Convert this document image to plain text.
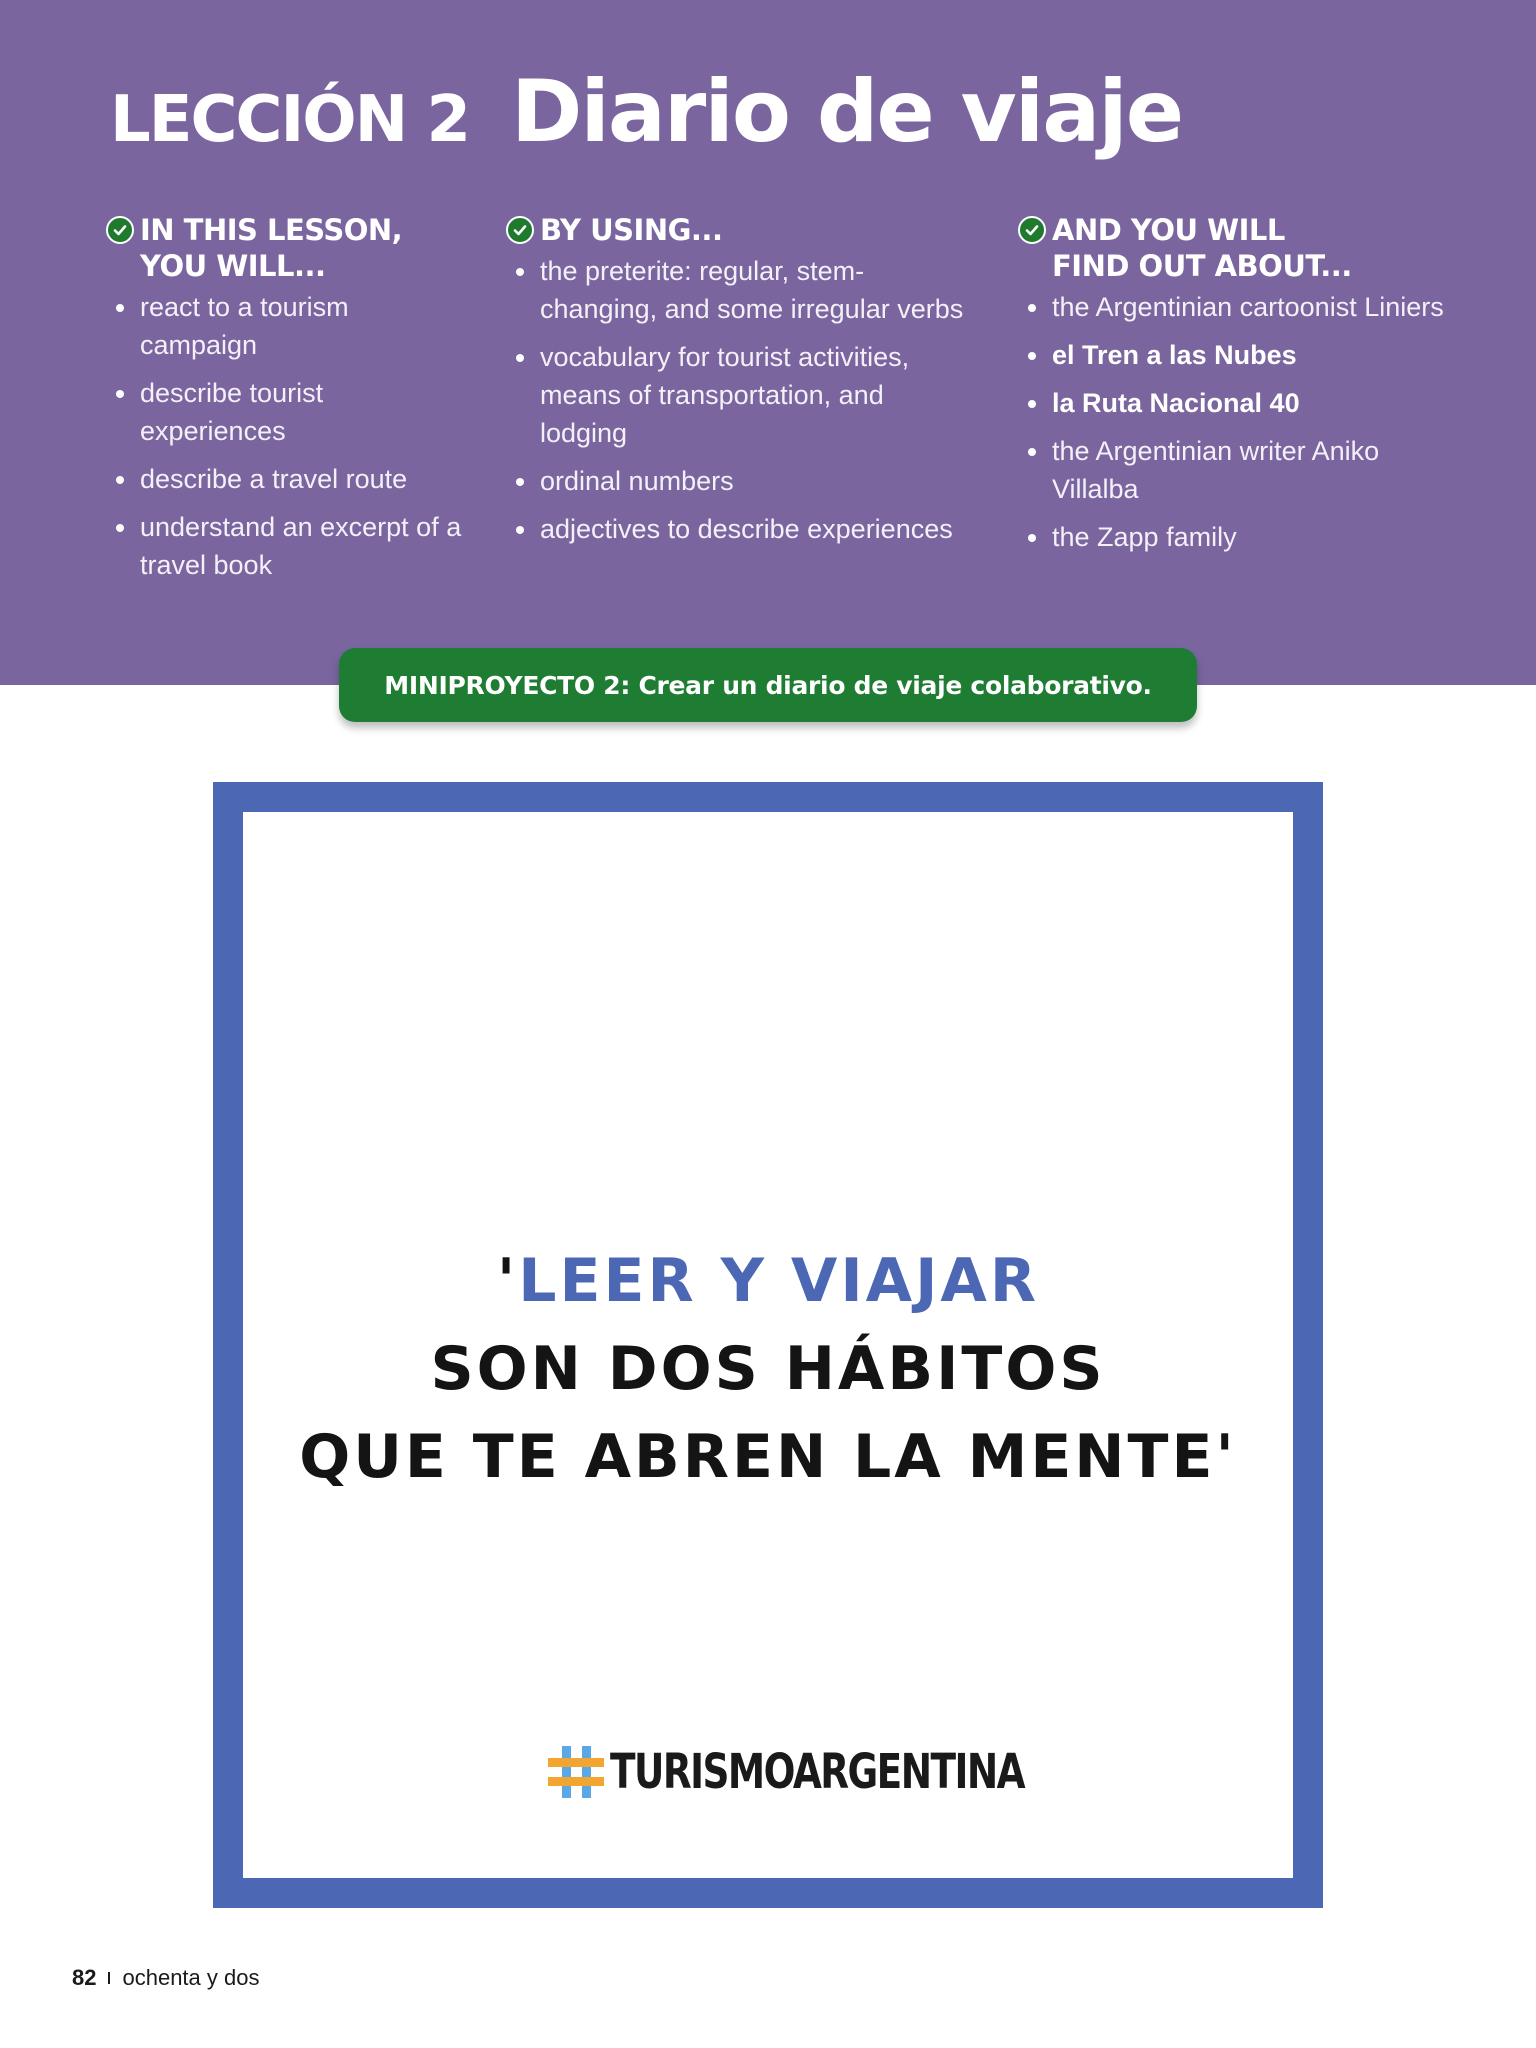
LECCIÓN 2 Diario de viaje
IN THIS LESSON,
YOU WILL...
react to a tourism campaign
describe tourist experiences
describe a travel route
understand an excerpt of a travel book
BY USING...
the preterite: regular, stem-changing, and some irregular verbs
vocabulary for tourist activities, means of transportation, and lodging
ordinal numbers
adjectives to describe experiences
AND YOU WILL
FIND OUT ABOUT...
the Argentinian cartoonist Liniers
el Tren a las Nubes
la Ruta Nacional 40
the Argentinian writer Aniko Villalba
the Zapp family
MINIPROYECTO 2: Crear un diario de viaje colaborativo.
'LEER Y VIAJAR
SON DOS HÁBITOS
QUE TE ABREN LA MENTE'
TURISMOARGENTINA
82 ochenta y dos
